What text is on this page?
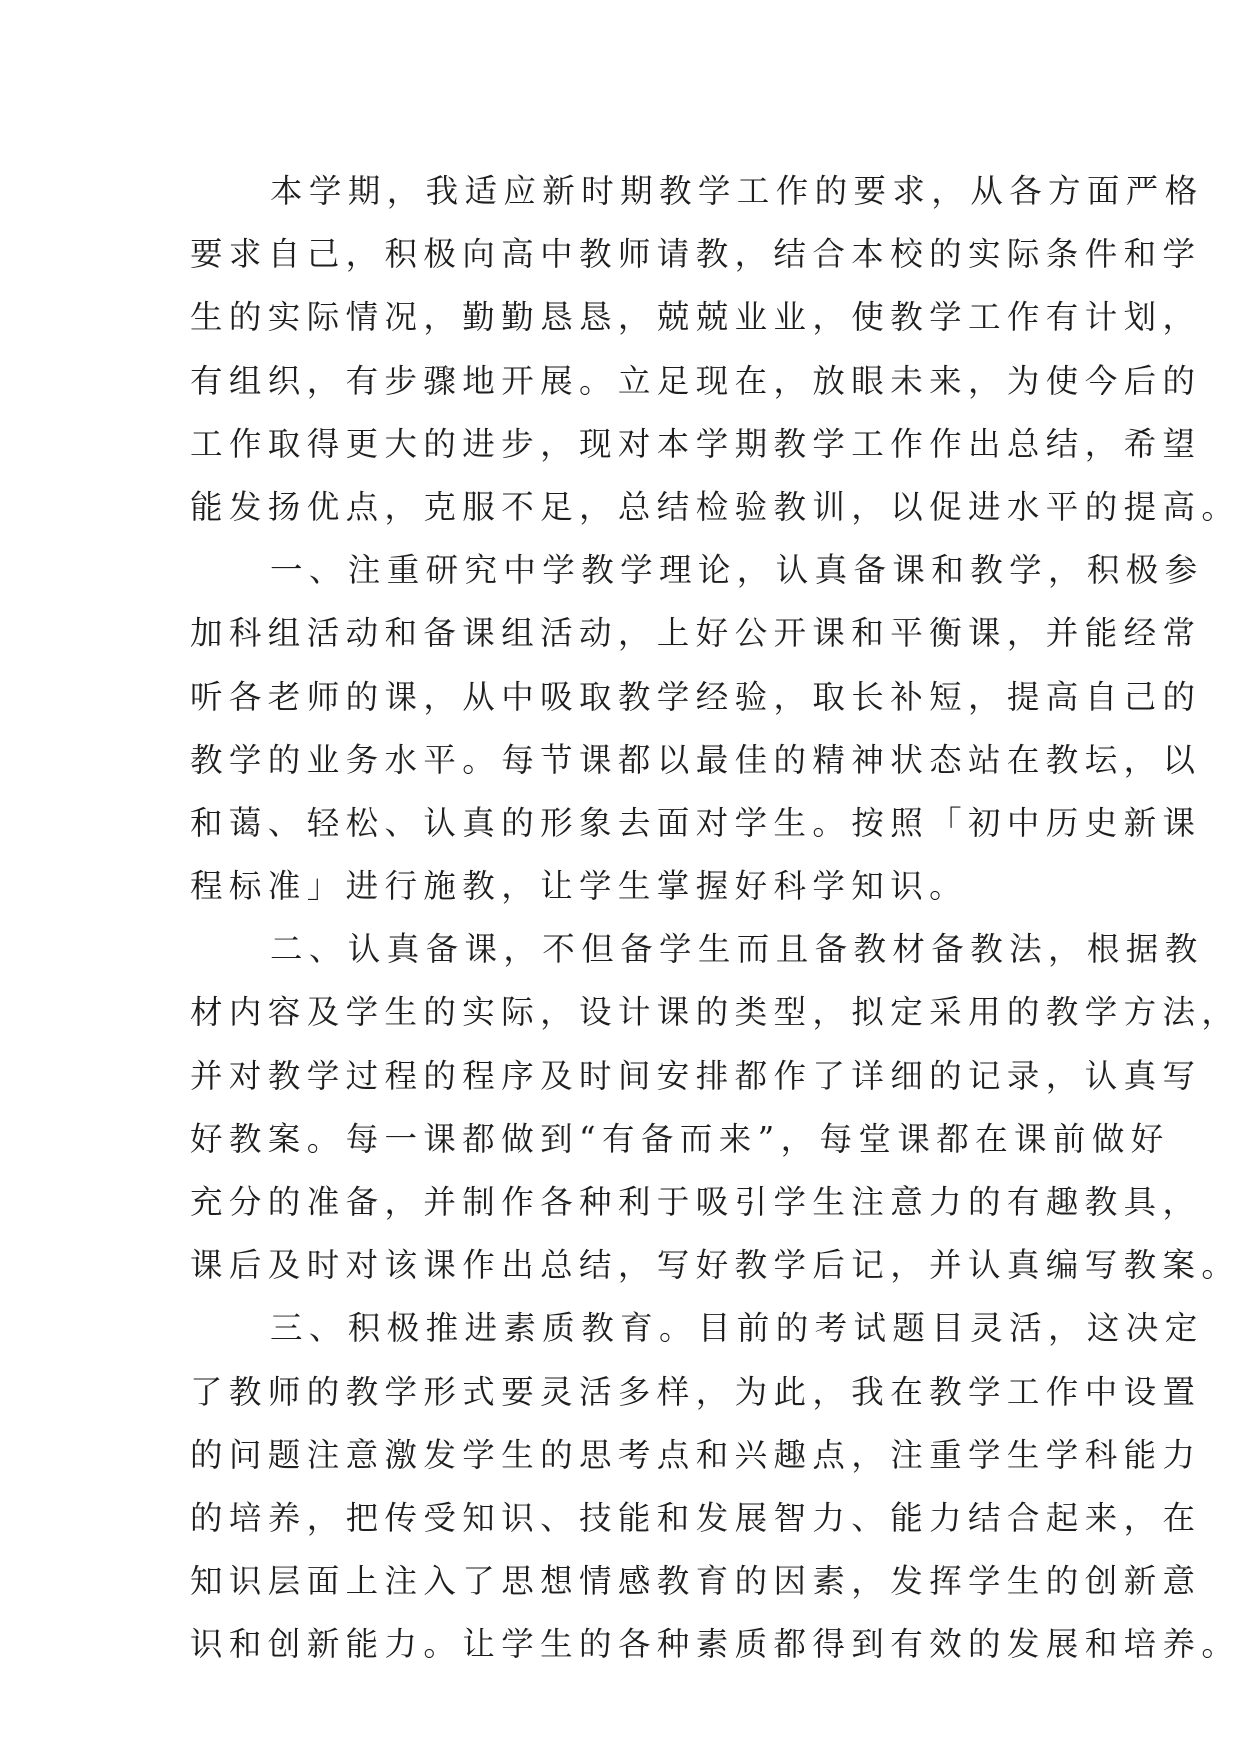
本学期，我适应新时期教学工作的要求，从各方面严格
要求自己，积极向高中教师请教，结合本校的实际条件和学
生的实际情况，勤勤恳恳，兢兢业业，使教学工作有计划，
有组织，有步骤地开展。立足现在，放眼未来，为使今后的
工作取得更大的进步，现对本学期教学工作作出总结，希望
能发扬优点，克服不足，总结检验教训，以促进水平的提高。
一、注重研究中学教学理论，认真备课和教学，积极参
加科组活动和备课组活动，上好公开课和平衡课，并能经常
听各老师的课，从中吸取教学经验，取长补短，提高自己的
教学的业务水平。每节课都以最佳的精神状态站在教坛，以
和蔼、轻松、认真的形象去面对学生。按照「初中历史新课
程标准」进行施教，让学生掌握好科学知识。
二、认真备课，不但备学生而且备教材备教法，根据教
材内容及学生的实际，设计课的类型，拟定采用的教学方法，
并对教学过程的程序及时间安排都作了详细的记录，认真写
好教案。每一课都做到“有备而来”，每堂课都在课前做好
充分的准备，并制作各种利于吸引学生注意力的有趣教具，
课后及时对该课作出总结，写好教学后记，并认真编写教案。
三、积极推进素质教育。目前的考试题目灵活，这决定
了教师的教学形式要灵活多样，为此，我在教学工作中设置
的问题注意激发学生的思考点和兴趣点，注重学生学科能力
的培养，把传受知识、技能和发展智力、能力结合起来，在
知识层面上注入了思想情感教育的因素，发挥学生的创新意
识和创新能力。让学生的各种素质都得到有效的发展和培养。
